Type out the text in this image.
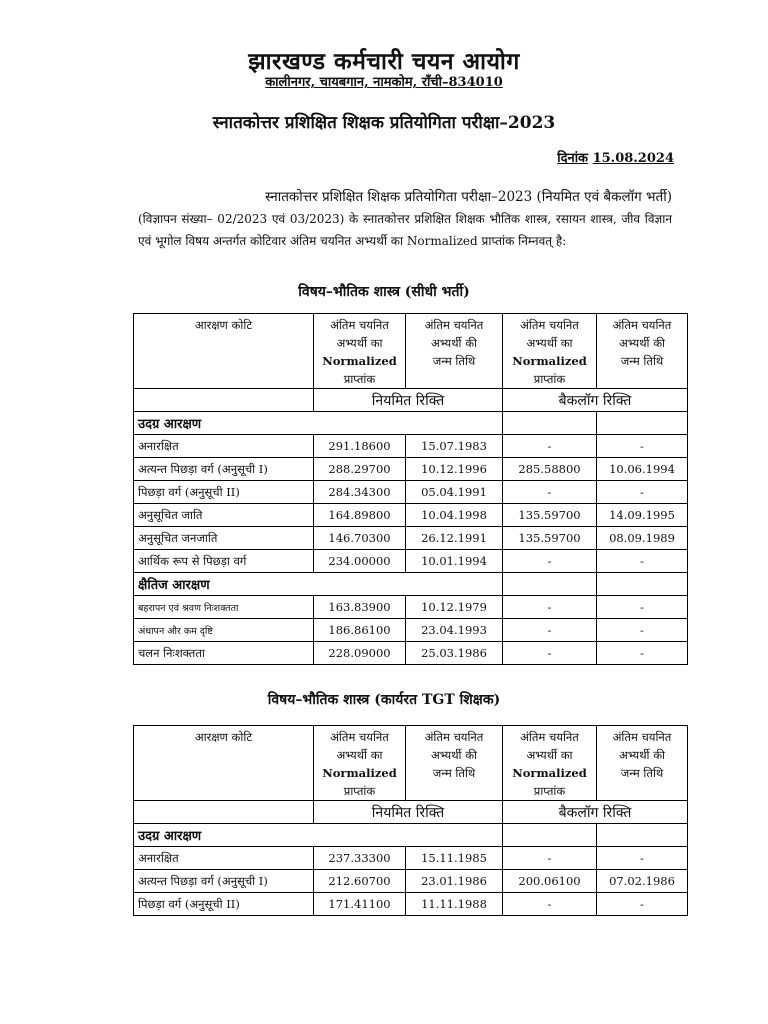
झारखण्ड कर्मचारी चयन आयोग
कालीनगर, चायबगान, नामकोम, राँची–834010
स्नातकोत्तर प्रशिक्षित शिक्षक प्रतियोगिता परीक्षा–2023
दिनांक 15.08.2024
स्नातकोत्तर प्रशिक्षित शिक्षक प्रतियोगिता परीक्षा–2023 (नियमित एवं बैकलॉग भर्ती)
(विज्ञापन संख्या– 02/2023 एवं 03/2023) के स्नातकोत्तर प्रशिक्षित शिक्षक भौतिक शास्त्र, रसायन शास्त्र, जीव विज्ञान एवं भूगोल विषय अन्तर्गत कोटिवार अंतिम चयनित अभ्यर्थी का Normalized प्राप्तांक निम्नवत् है:
विषय–भौतिक शास्त्र (सीधी भर्ती)
आरक्षण कोटि	अंतिम चयनित
अभ्यर्थी का
Normalized
प्राप्तांक	अंतिम चयनित
अभ्यर्थी की
जन्म तिथि	अंतिम चयनित
अभ्यर्थी का
Normalized
प्राप्तांक	अंतिम चयनित
अभ्यर्थी की
जन्म तिथि
	नियमित रिक्ति		बैकलॉग रिक्ति	
उदग्र आरक्षण				
अनारक्षित	291.18600	15.07.1983	-	-
अत्यन्त पिछड़ा वर्ग (अनुसूची I)	288.29700	10.12.1996	285.58800	10.06.1994
पिछड़ा वर्ग (अनुसूची II)	284.34300	05.04.1991	-	-
अनुसूचित जाति	164.89800	10.04.1998	135.59700	14.09.1995
अनुसूचित जनजाति	146.70300	26.12.1991	135.59700	08.09.1989
आर्थिक रूप से पिछड़ा वर्ग	234.00000	10.01.1994	-	-
क्षैतिज आरक्षण				
बहरापन एवं श्रवण निःशक्तता	163.83900	10.12.1979	-	-
अंधापन और कम दृष्टि	186.86100	23.04.1993	-	-
चलन निःशक्तता	228.09000	25.03.1986	-	-
विषय–भौतिक शास्त्र (कार्यरत TGT शिक्षक)
आरक्षण कोटि	अंतिम चयनित
अभ्यर्थी का
Normalized
प्राप्तांक	अंतिम चयनित
अभ्यर्थी की
जन्म तिथि	अंतिम चयनित
अभ्यर्थी का
Normalized
प्राप्तांक	अंतिम चयनित
अभ्यर्थी की
जन्म तिथि
	नियमित रिक्ति		बैकलॉग रिक्ति	
उदग्र आरक्षण				
अनारक्षित	237.33300	15.11.1985	-	-
अत्यन्त पिछड़ा वर्ग (अनुसूची I)	212.60700	23.01.1986	200.06100	07.02.1986
पिछड़ा वर्ग (अनुसूची II)	171.41100	11.11.1988	-	-
